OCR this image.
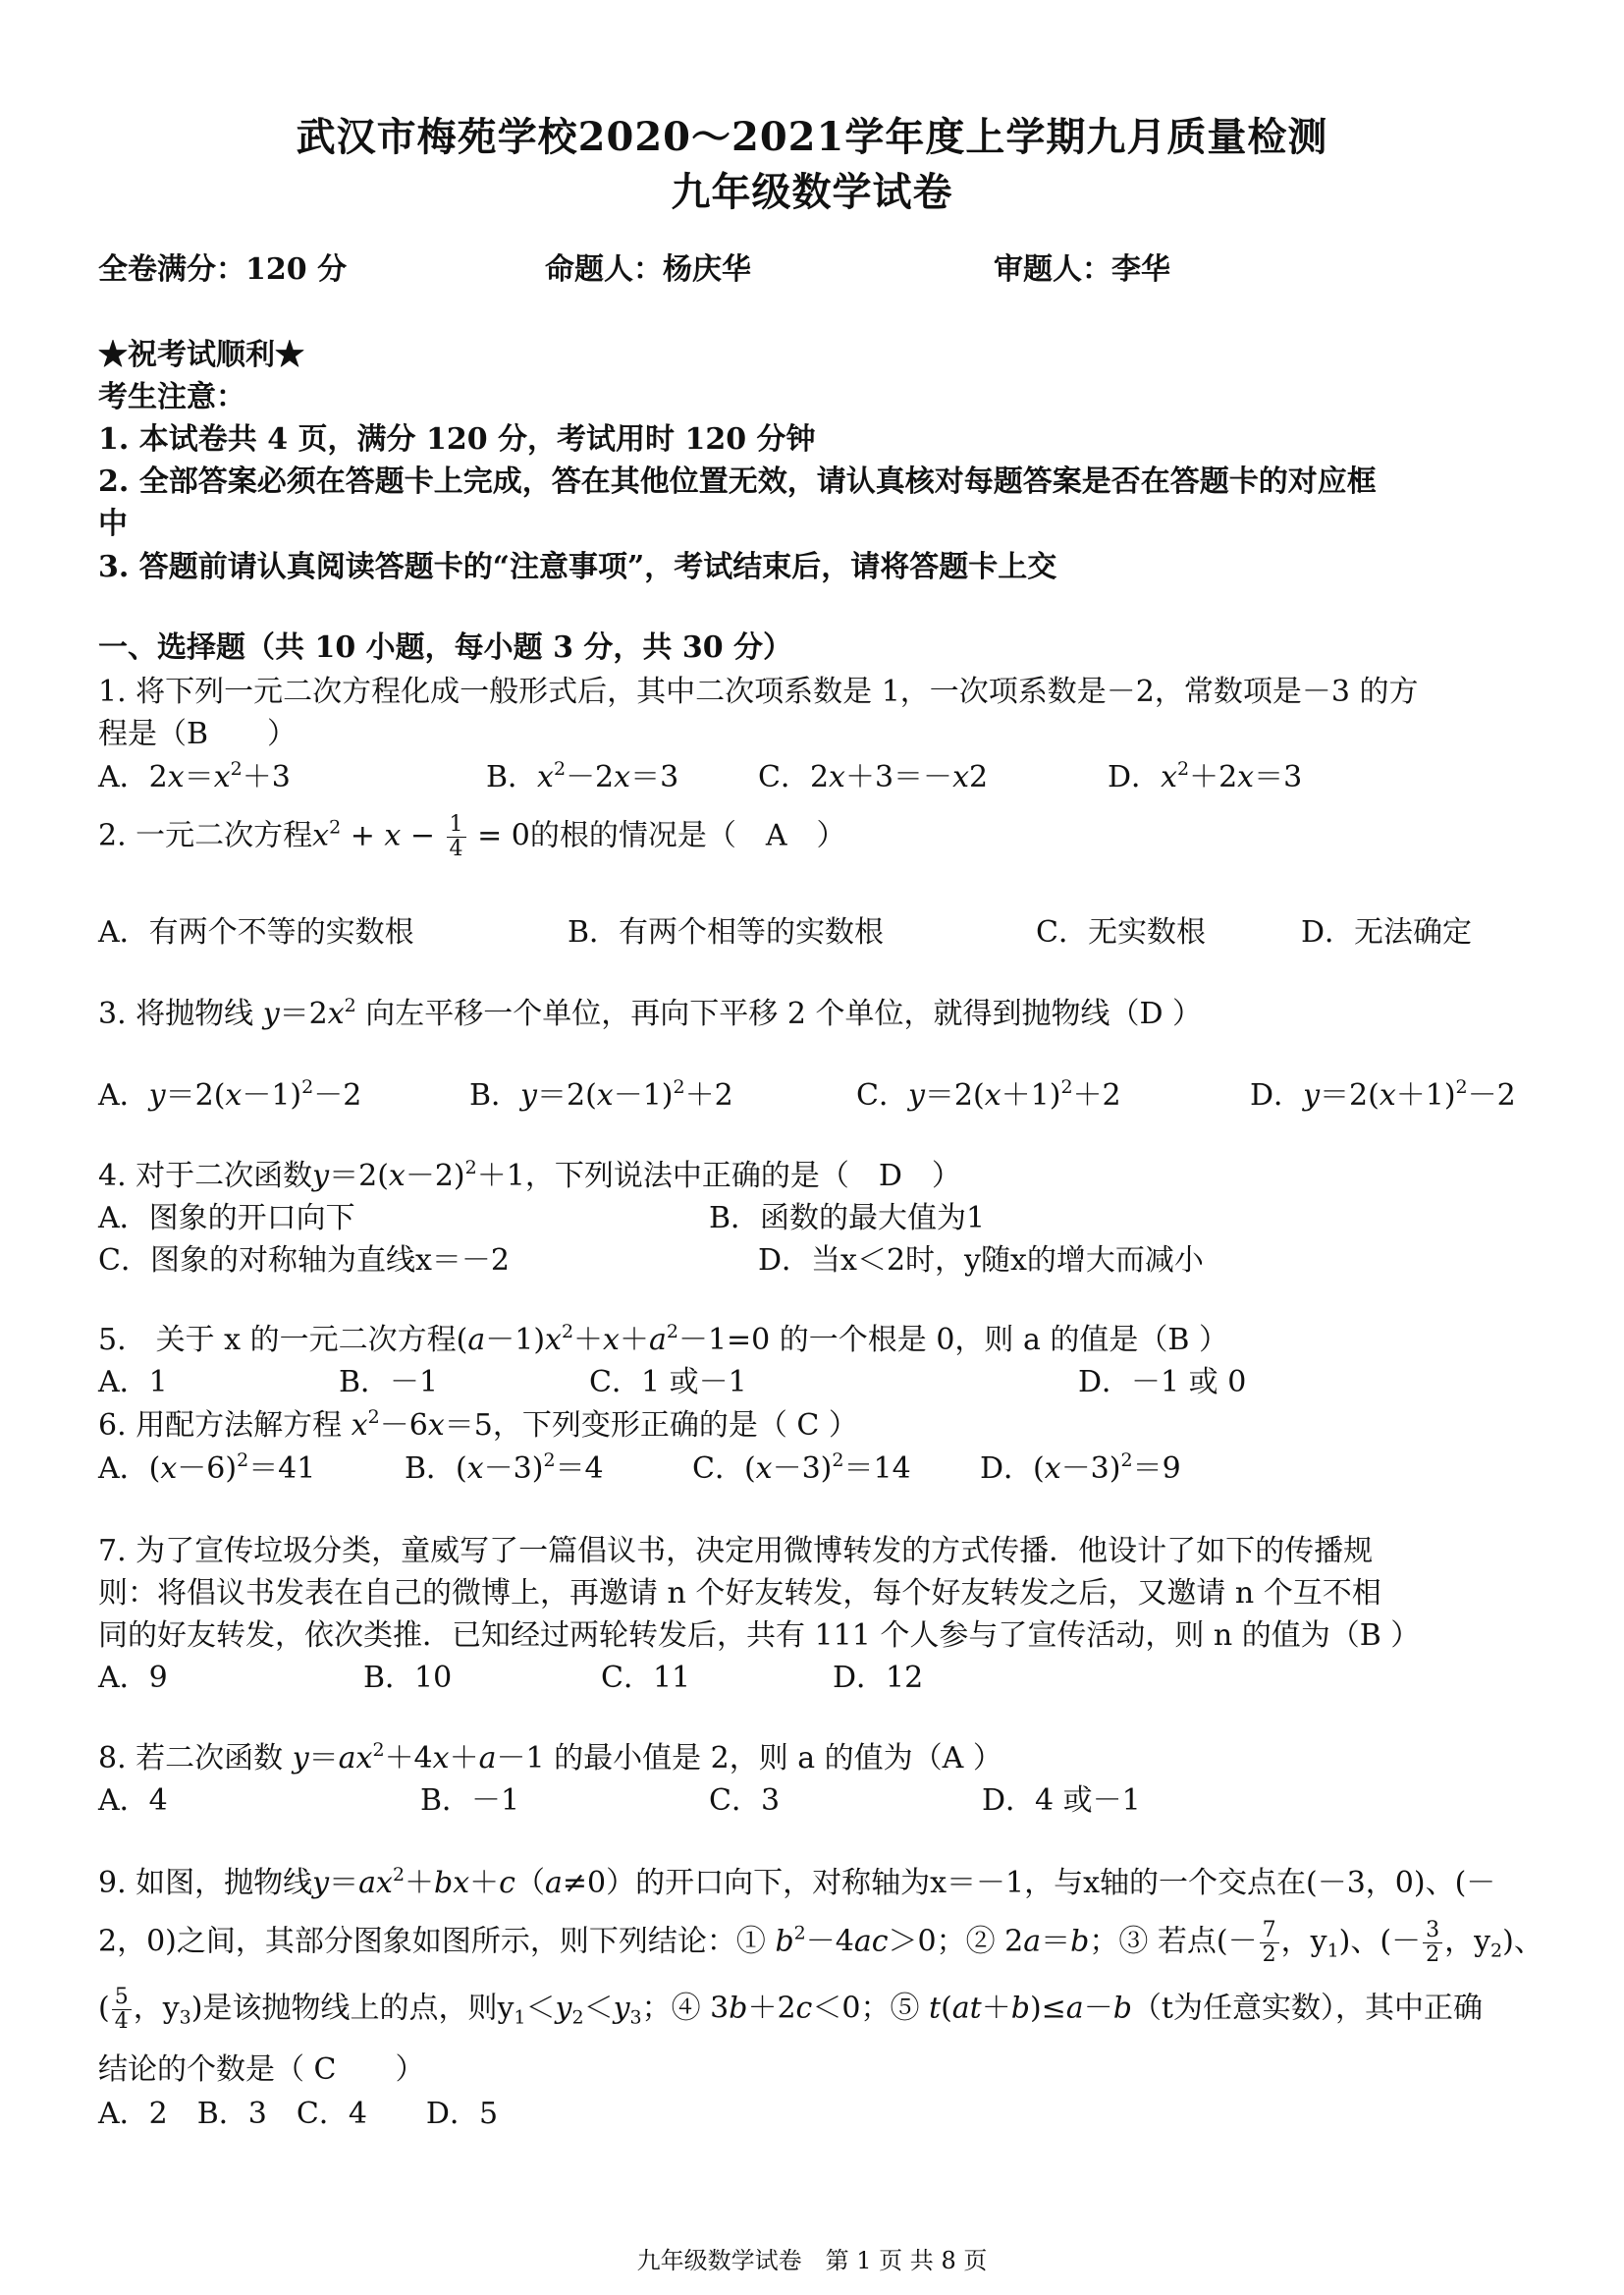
武汉市梅苑学校2020～2021学年度上学期九月质量检测
九年级数学试卷
全卷满分：120 分	命题人：杨庆华	审题人：李华
★祝考试顺利★
考生注意：
1. 本试卷共 4 页，满分 120 分，考试用时 120 分钟
2. 全部答案必须在答题卡上完成，答在其他位置无效，请认真核对每题答案是否在答题卡的对应框
中
3. 答题前请认真阅读答题卡的“注意事项”，考试结束后，请将答题卡上交
一、选择题（共 10 小题，每小题 3 分，共 30 分）
1. 将下列一元二次方程化成一般形式后，其中二次项系数是 1，一次项系数是－2，常数项是－3 的方
程是（B　　）
A．$2x=x^2+3$	B．$x^2-2x=3$	C．2x＋3＝－x2	D．$x^2+2x=3$
2. 一元二次方程$x^2 + x - \frac{1}{4} = 0$的根的情况是（　A　）
A．有两个不等的实数根	B．有两个相等的实数根	C．无实数根	D．无法确定
3. 将抛物线 $y=2x^2$ 向左平移一个单位，再向下平移 2 个单位，就得到抛物线（D ）
A．$y=2(x-1)^2-2$	B．$y=2(x-1)^2+2$	C．$y=2(x+1)^2+2$	D．$y=2(x+1)^2-2$
4. 对于二次函数$y=2(x-2)^2+1$，下列说法中正确的是（　D　）
A．图象的开口向下	B．函数的最大值为1
C．图象的对称轴为直线x＝－2	D．当x＜2时，y随x的增大而减小
5.　关于 x 的一元二次方程$(a-1)x^2+x+a^2-1=0$ 的一个根是 0，则 a 的值是（B ）
A．1	B．－1	C．1 或－1	D．－1 或 0
6. 用配方法解方程 $x^2-6x=5$，下列变形正确的是（ C ）
A．$(x-6)^2=41$	B．$(x-3)^2=4$	C．$(x-3)^2=14$ D．$(x-3)^2=9$
7. 为了宣传垃圾分类，童威写了一篇倡议书，决定用微博转发的方式传播．他设计了如下的传播规
则：将倡议书发表在自己的微博上，再邀请 n 个好友转发，每个好友转发之后，又邀请 n 个互不相
同的好友转发，依次类推．已知经过两轮转发后，共有 111 个人参与了宣传活动，则 n 的值为（B ）
A．9	B．10	C．11	D．12
8. 若二次函数 $y=ax^2+4x+a-1$ 的最小值是 2，则 a 的值为（A ）
A．4	B．－1	C．3	D．4 或－1
9. 如图，抛物线$y=ax^2+bx+c(a\ne 0)$的开口向下，对称轴为x＝－1，与x轴的一个交点在(－3，0)、(－
2，0)之间，其部分图象如图所示，则下列结论：① $b^2-4ac>0$；② 2a＝b；③ 若点(－ $\frac{7}{2}$ ，$y_1$)、(－ $\frac{3}{2}$ ，$y_2$)、
( $\frac{5}{4}$ ，$y_3$)是该抛物线上的点，则$y_1<y_2<y_3$；④ 3b＋2c＜0；⑤ t(at＋b)≤a－b（t为任意实数），其中正确
结论的个数是（ C　　）
A．2　B．3　C．4　　D．5
九年级数学试卷　第 1 页 共 8 页
